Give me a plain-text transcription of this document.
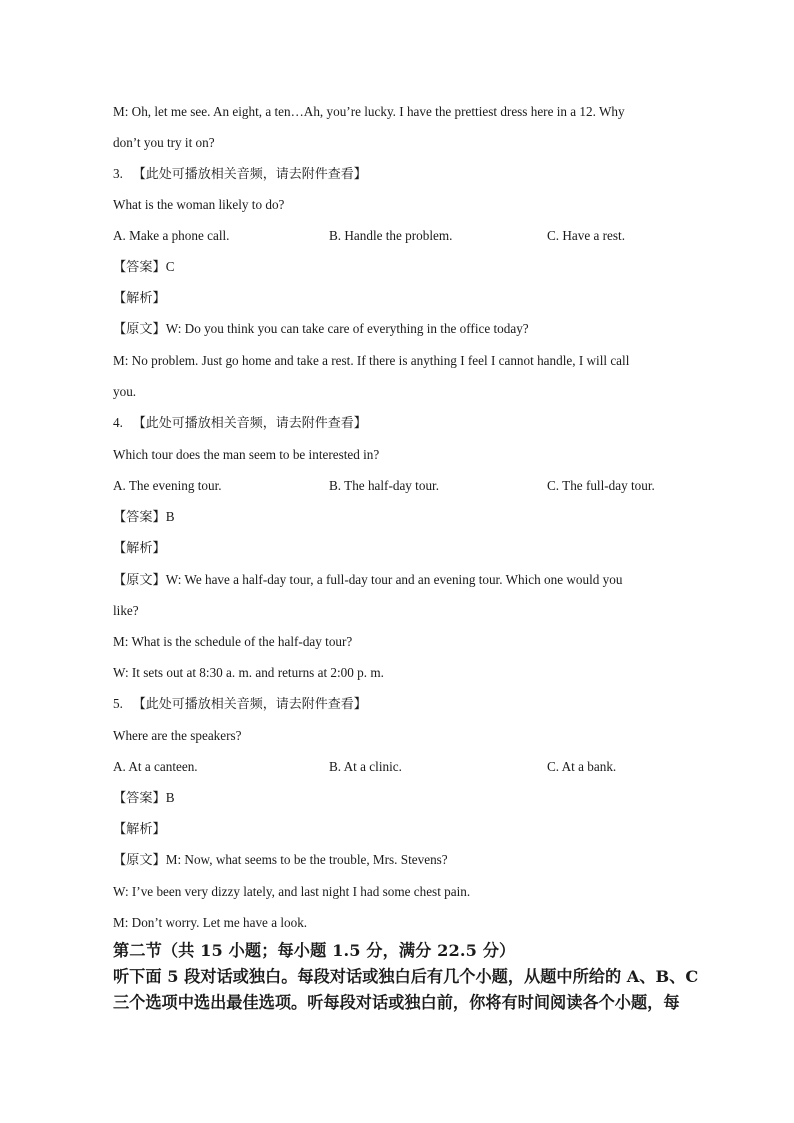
M: Oh, let me see. An eight, a ten…Ah, you’re lucky. I have the prettiest dress here in a 12. Why
don’t you try it on?
3. 【此处可播放相关音频，请去附件查看】
What is the woman likely to do?
A. Make a phone call.	B. Handle the problem.	C. Have a rest.
【答案】C
【解析】
【原文】W: Do you think you can take care of everything in the office today?
M: No problem. Just go home and take a rest. If there is anything I feel I cannot handle, I will call
you.
4. 【此处可播放相关音频，请去附件查看】
Which tour does the man seem to be interested in?
A. The evening tour.	B. The half-day tour.	C. The full-day tour.
【答案】B
【解析】
【原文】W: We have a half-day tour, a full-day tour and an evening tour. Which one would you
like?
M: What is the schedule of the half-day tour?
W: It sets out at 8:30 a. m. and returns at 2:00 p. m.
5. 【此处可播放相关音频，请去附件查看】
Where are the speakers?
A. At a canteen.	B. At a clinic.	C. At a bank.
【答案】B
【解析】
【原文】M: Now, what seems to be the trouble, Mrs. Stevens?
W: I’ve been very dizzy lately, and last night I had some chest pain.
M: Don’t worry. Let me have a look.
第二节（共 15 小题；每小题 1.5 分，满分 22.5 分）
听下面 5 段对话或独白。每段对话或独白后有几个小题，从题中所给的 A、B、C
三个选项中选出最佳选项。听每段对话或独白前，你将有时间阅读各个小题，每
